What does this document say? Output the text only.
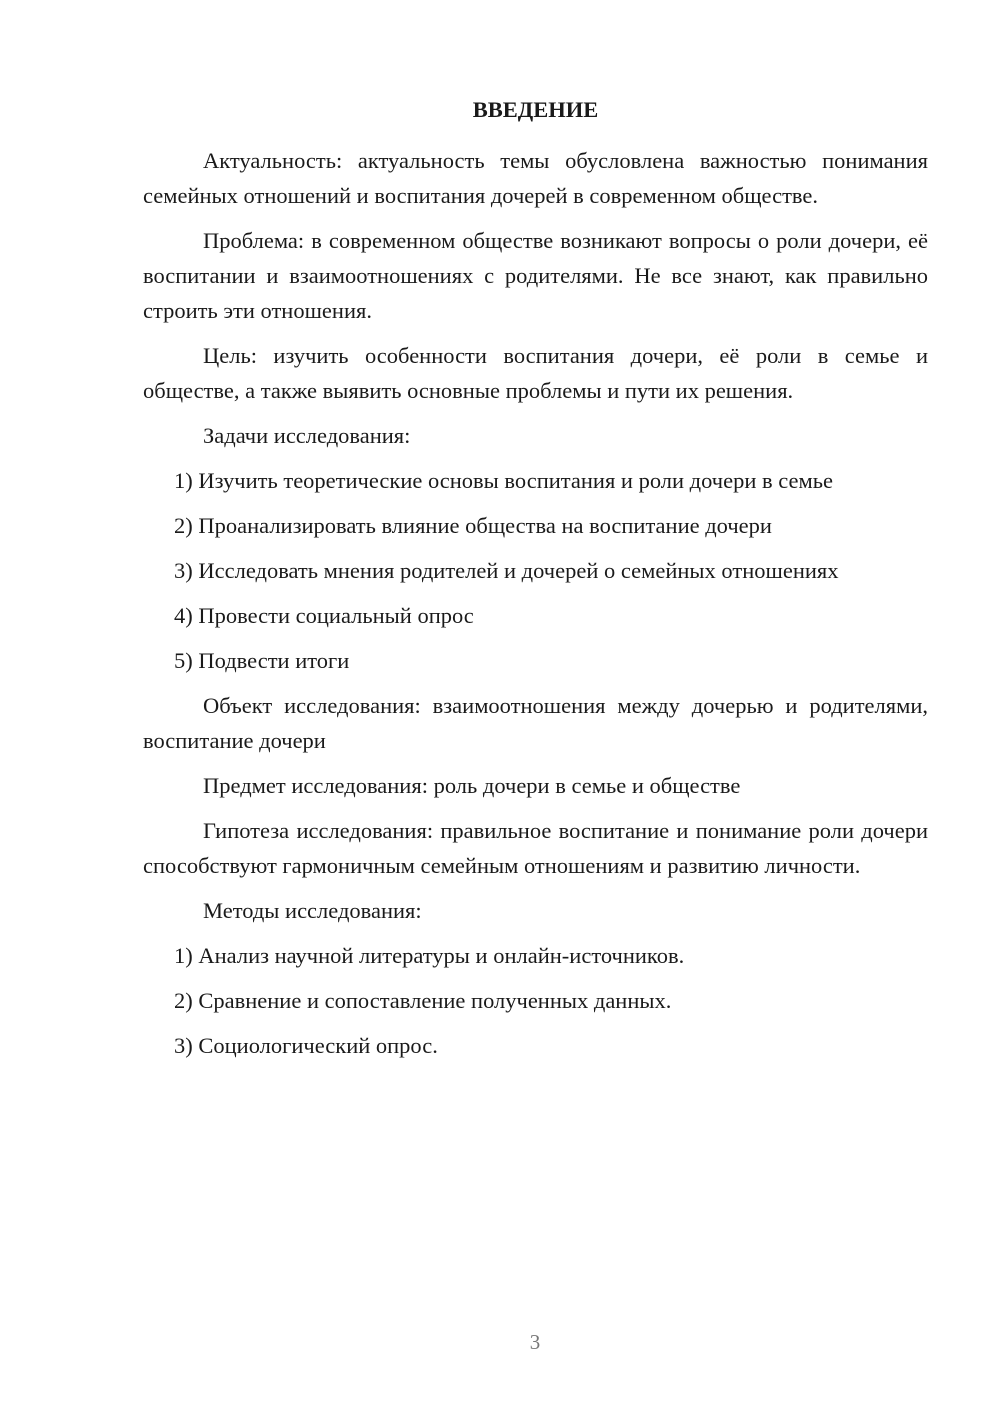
ВВЕДЕНИЕ
Актуальность: актуальность темы обусловлена важностью понимания семейных отношений и воспитания дочерей в современном обществе.
Проблема: в современном обществе возникают вопросы о роли дочери, её воспитании и взаимоотношениях с родителями. Не все знают, как правильно строить эти отношения.
Цель: изучить особенности воспитания дочери, её роли в семье и обществе, а также выявить основные проблемы и пути их решения.
Задачи исследования:
1) Изучить теоретические основы воспитания и роли дочери в семье
2) Проанализировать влияние общества на воспитание дочери
3) Исследовать мнения родителей и дочерей о семейных отношениях
4) Провести социальный опрос
5) Подвести итоги
Объект исследования: взаимоотношения между дочерью и родителями, воспитание дочери
Предмет исследования: роль дочери в семье и обществе
Гипотеза исследования: правильное воспитание и понимание роли дочери способствуют гармоничным семейным отношениям и развитию личности.
Методы исследования:
1) Анализ научной литературы и онлайн-источников.
2) Сравнение и сопоставление полученных данных.
3) Социологический опрос.
3
